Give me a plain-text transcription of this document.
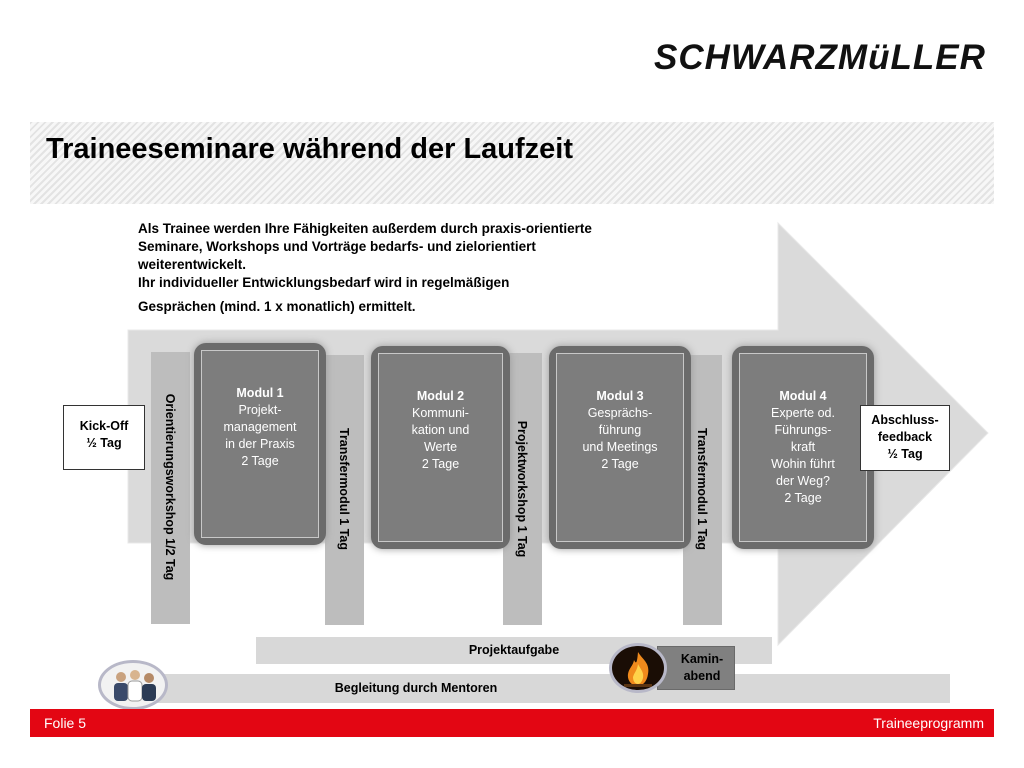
SCHWARZMüLLER
Traineeseminare während der Laufzeit

Als Trainee werden Ihre Fähigkeiten außerdem durch praxis-orientierte Seminare, Workshops und Vorträge bedarfs- und zielorientiert weiterentwickelt.

Ihr individueller Entwicklungsbedarf wird in regelmäßigen

Gesprächen (mind. 1 x monatlich) ermittelt.

Kick-Off
½ Tag	Orientierungsworkshop 1/2 Tag	Transfermodul 1 Tag	Projektworkshop 1 Tag	Transfermodul 1 Tag
Modul 1
Projekt-
management
in der Praxis
2 Tage
Modul 2
Kommuni-
kation und
Werte
2 Tage
Modul 3
Gesprächs-
führung
und Meetings
2 Tage
Modul 4
Experte od.
Führungs-
kraft
Wohin führt
der Weg?
2 Tage
Abschluss-
feedback
½ Tag
Projektaufgabe
Begleitung durch Mentoren
Kamin-
abend
Folie 5	Traineeprogramm
